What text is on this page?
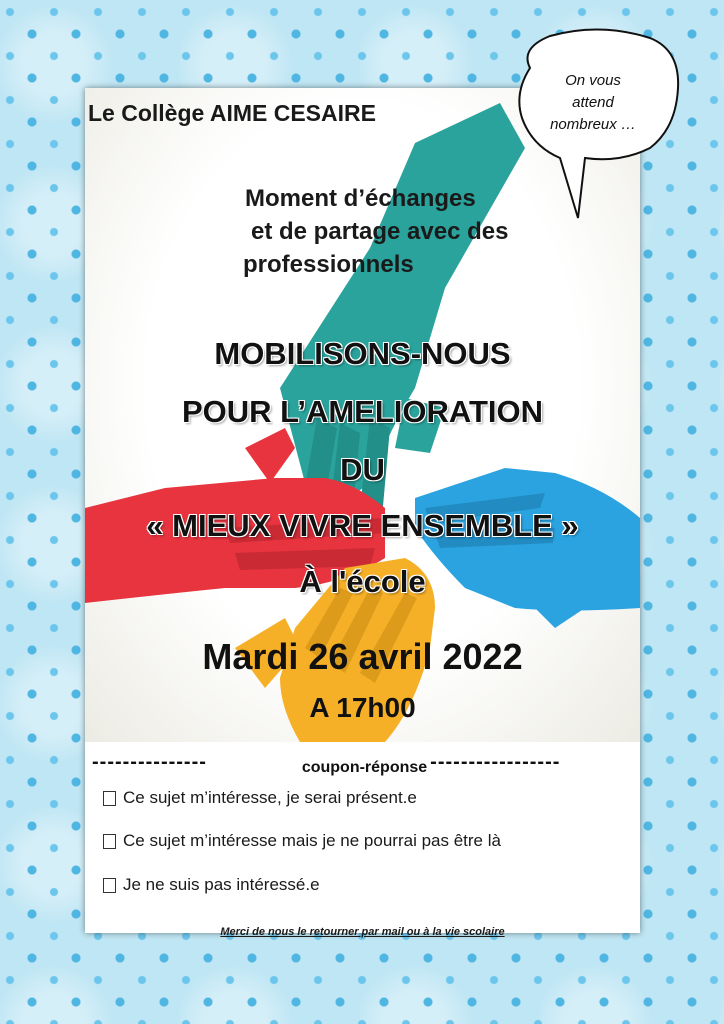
Le Collège AIME CESAIRE

Moment d’échanges
et de partage avec des
professionnels

MOBILISONS-NOUS

POUR L’AMELIORATION

DU

« MIEUX VIVRE ENSEMBLE »

À l'école

Mardi 26 avril 2022

A 17h00

On vous
attend
nombreux …
---------------	coupon-réponse -----------------
Ce sujet m’intéresse, je serai présent.e
Ce sujet m’intéresse mais je ne pourrai pas être là
Je ne suis pas intéressé.e

Merci de nous le retourner par mail ou à la vie scolaire
